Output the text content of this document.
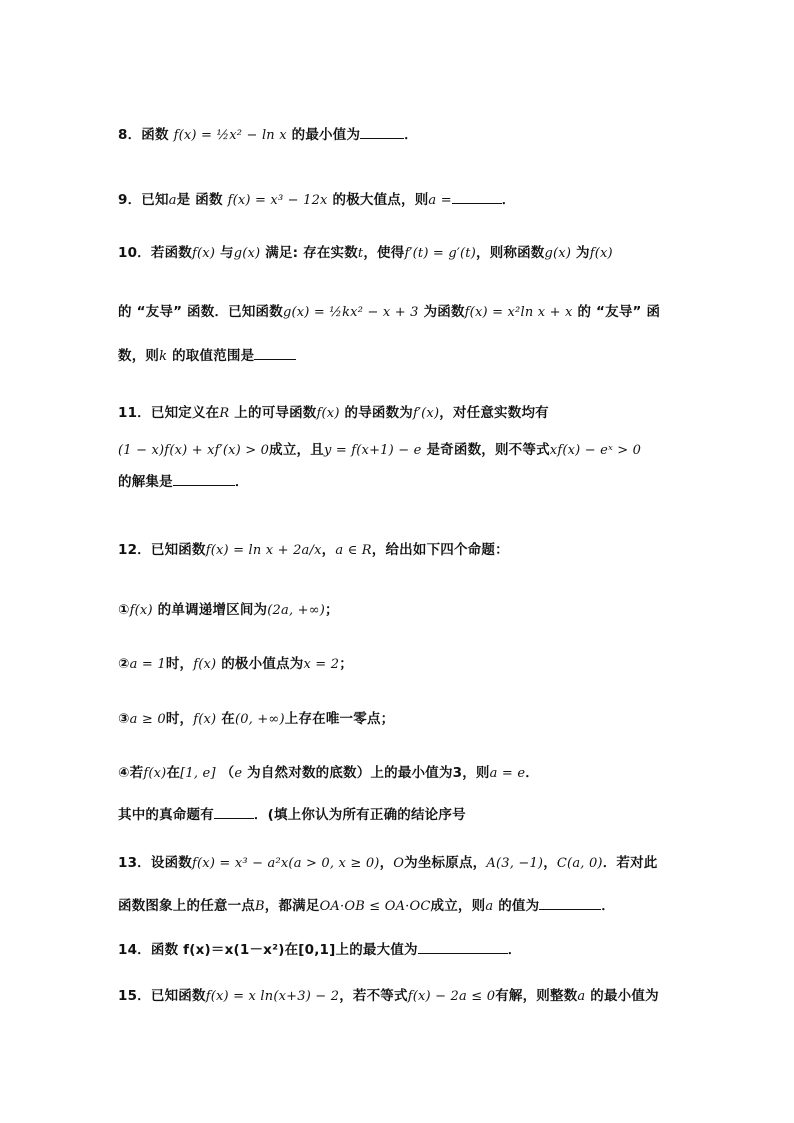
8．函数 f(x) = ½x² − ln x 的最小值为	．
9．已知a是 函数 f(x) = x³ − 12x 的极大值点，则a =	．
10．若函数f(x) 与g(x) 满足: 存在实数t，使得f′(t) = g′(t)，则称函数g(x) 为f(x)
的 “友导” 函数．已知函数g(x) = ½kx² − x + 3 为函数f(x) = x²ln x + x 的 “友导” 函
数，则k 的取值范围是
11．已知定义在R 上的可导函数f(x) 的导函数为f′(x)，对任意实数均有
(1 − x)f(x) + xf′(x) > 0成立，且y = f(x+1) − e 是奇函数，则不等式xf(x) − eˣ > 0
的解集是	．
12．已知函数f(x) = ln x + 2a/x，a ∈ R，给出如下四个命题：
①f(x) 的单调递增区间为(2a, +∞)；
②a = 1时，f(x) 的极小值点为x = 2；
③a ≥ 0时，f(x) 在(0, +∞)上存在唯一零点；
④若f(x)在[1, e] （e 为自然对数的底数）上的最小值为3，则a = e．
其中的真命题有	．(填上你认为所有正确的结论序号
13．设函数f(x) = x³ − a²x(a > 0, x ≥ 0)，O为坐标原点，A(3, −1)，C(a, 0)．若对此
函数图象上的任意一点B，都满足OA·OB ≤ OA·OC成立，则a 的值为	．
14．函数 f(x)＝x(1－x²)在[0,1]上的最大值为	．
15．已知函数f(x) = x ln(x+3) − 2，若不等式f(x) − 2a ≤ 0有解，则整数a 的最小值为
